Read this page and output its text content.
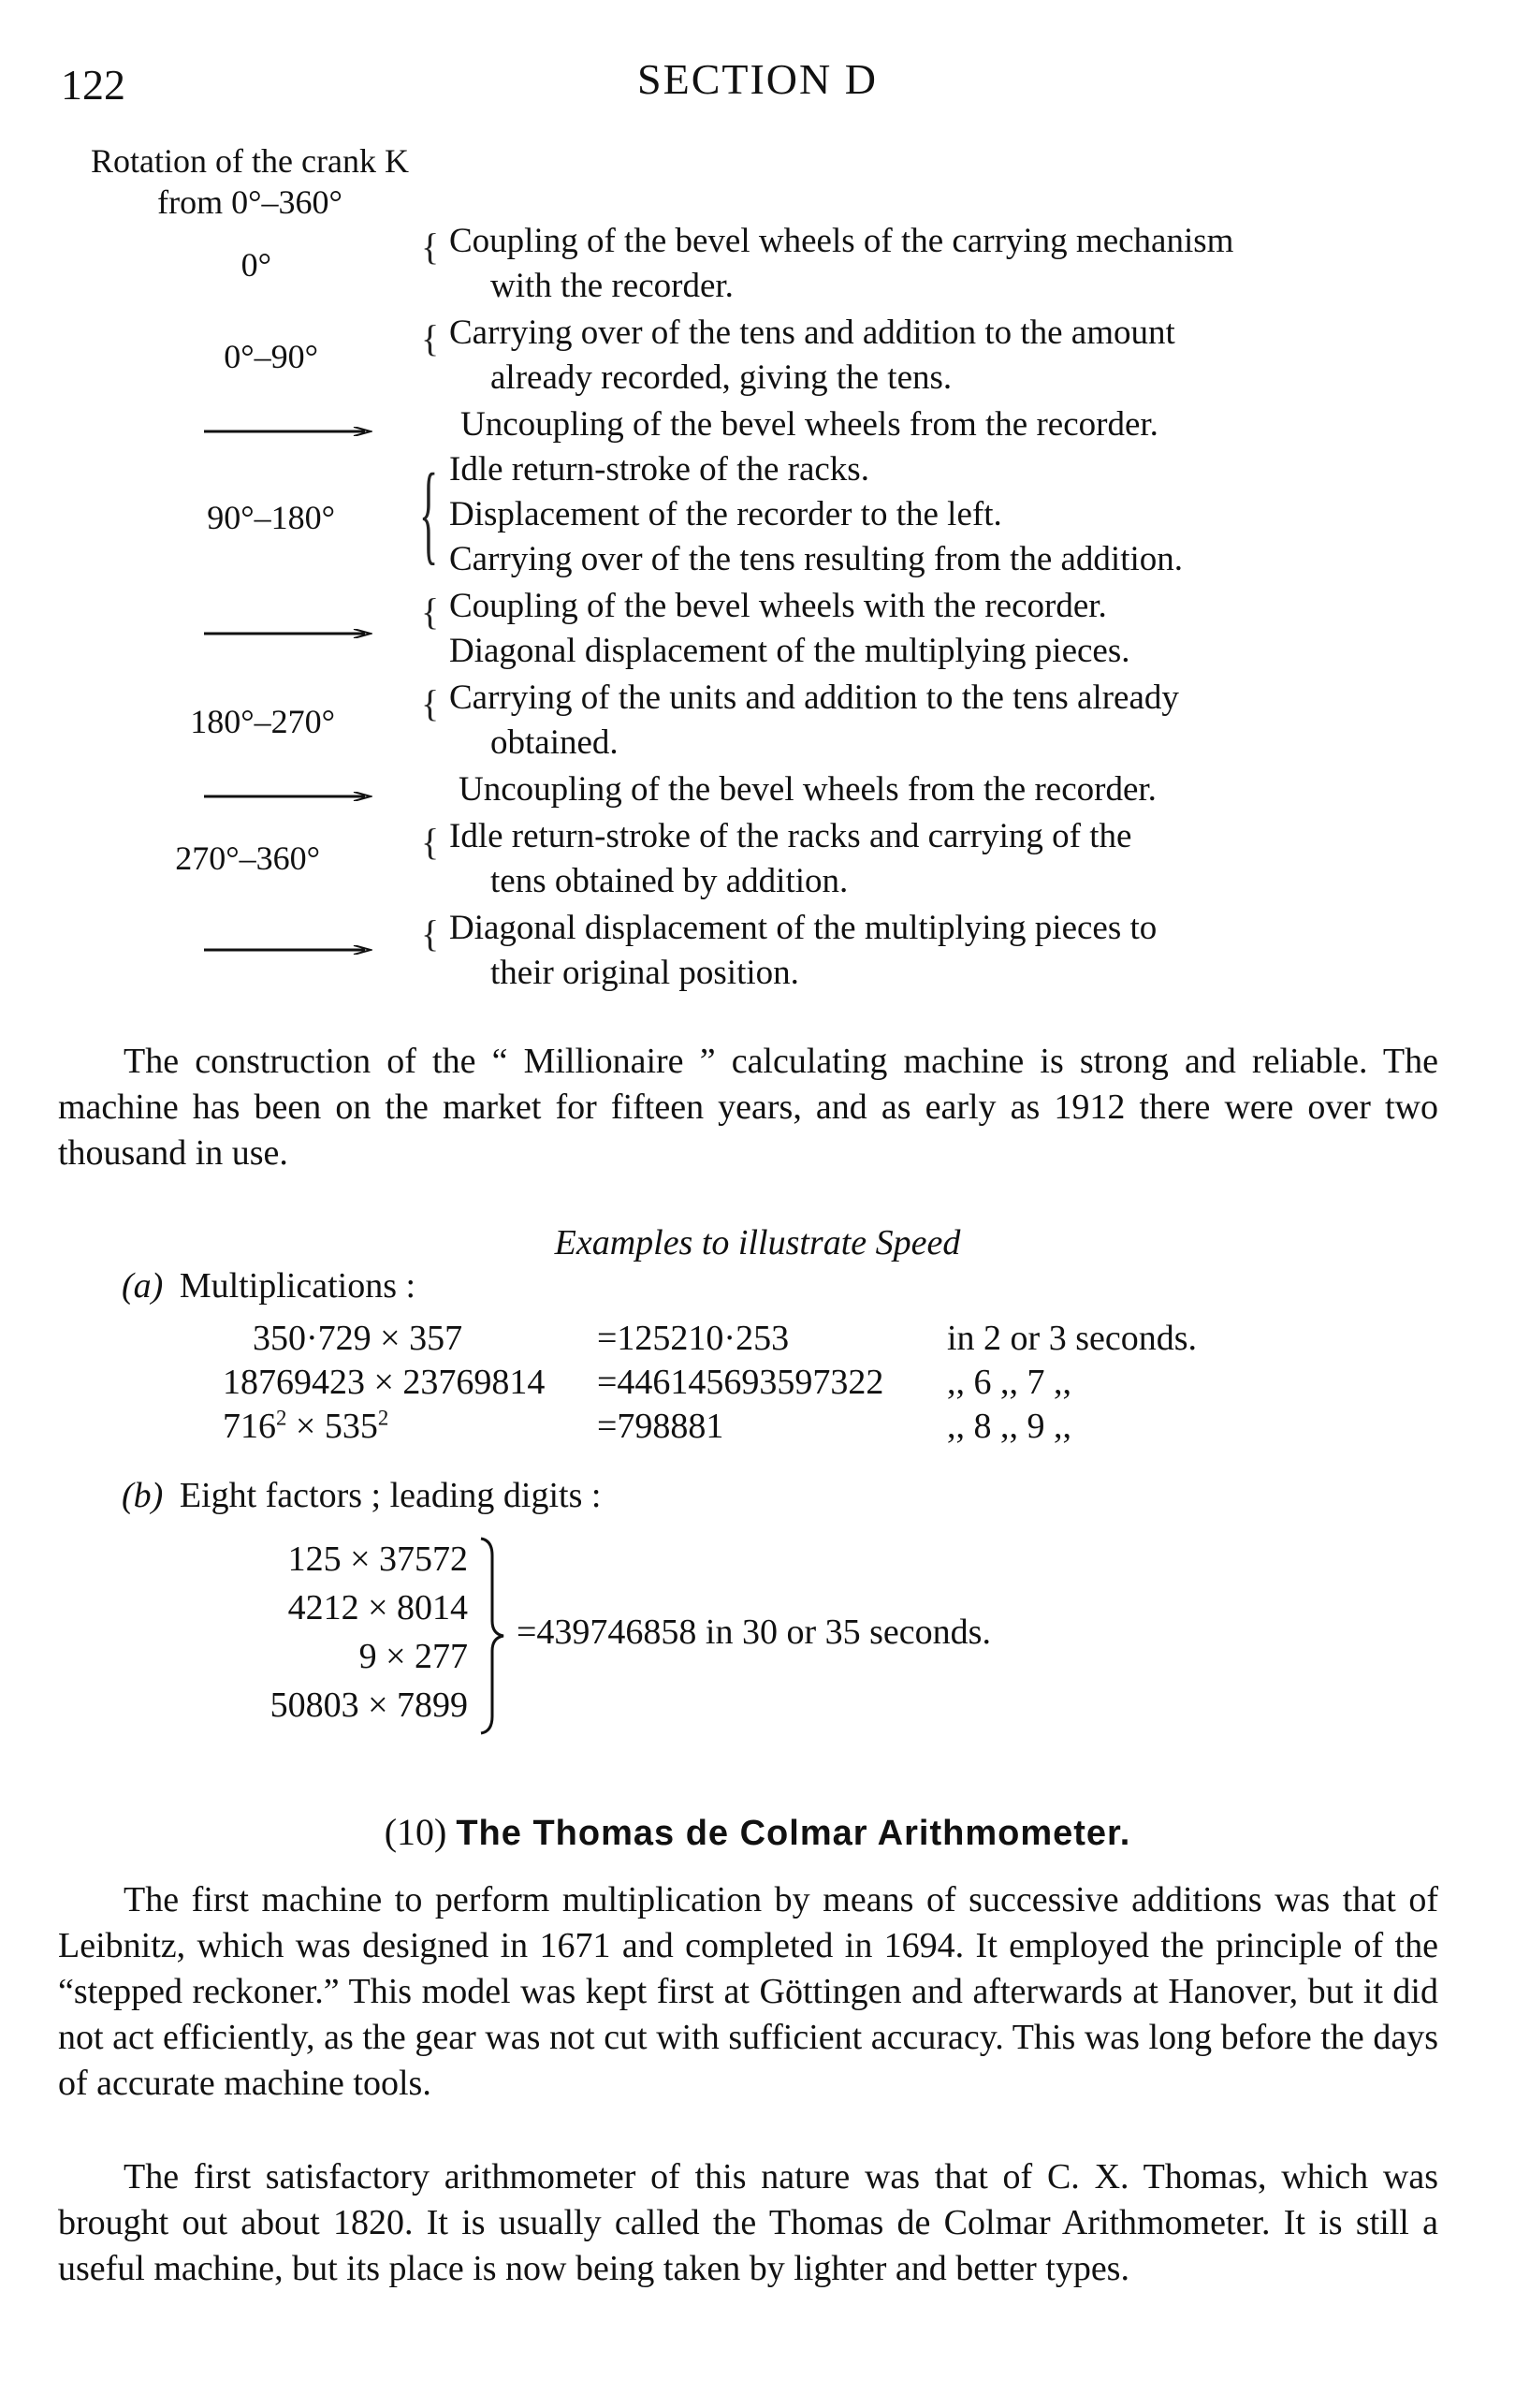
122	SECTION D
Rotation of the crank K
from 0°–360°
0°	{ Coupling of the bevel wheels of the carrying mechanism
with the recorder.
0°–90°	{ Carrying over of the tens and addition to the amount
already recorded, giving the tens.
Uncoupling of the bevel wheels from the recorder.
90°–180° { Idle return-stroke of the racks.
Displacement of the recorder to the left.
Carrying over of the tens resulting from the addition.
{ Coupling of the bevel wheels with the recorder.
Diagonal displacement of the multiplying pieces.
180°–270° { Carrying of the units and addition to the tens already
obtained.
Uncoupling of the bevel wheels from the recorder.
270°–360°	{ Idle return-stroke of the racks and carrying of the
tens obtained by addition.
{ Diagonal displacement of the multiplying pieces to
their original position.

The construction of the “ Millionaire ” calculating machine is strong and reliable. The machine has been on the market for fifteen years, and as early as 1912 there were over two thousand in use.

Examples to illustrate Speed
(a) Multiplications :
350·729 × 357	=125210·253	in 2 or 3 seconds.
18769423 × 23769814 =446145693597322 ,, 6 ,, 7 ,,
$716^2 \times 535^2$	=798881	,, 8 ,, 9 ,,
(b) Eight factors ; leading digits :
125 × 37572
4212 × 8014
9 × 277
50803 × 7899
=439746858 in 30 or 35 seconds.
(10) The Thomas de Colmar Arithmometer.

The first machine to perform multiplication by means of successive additions was that of Leibnitz, which was designed in 1671 and completed in 1694. It employed the principle of the “stepped reckoner.” This model was kept first at Göttingen and afterwards at Hanover, but it did not act efficiently, as the gear was not cut with sufficient accuracy. This was long before the days of accurate machine tools.

The first satisfactory arithmometer of this nature was that of C. X. Thomas, which was brought out about 1820. It is usually called the Thomas de Colmar Arithmometer. It is still a useful machine, but its place is now being taken by lighter and better types.
